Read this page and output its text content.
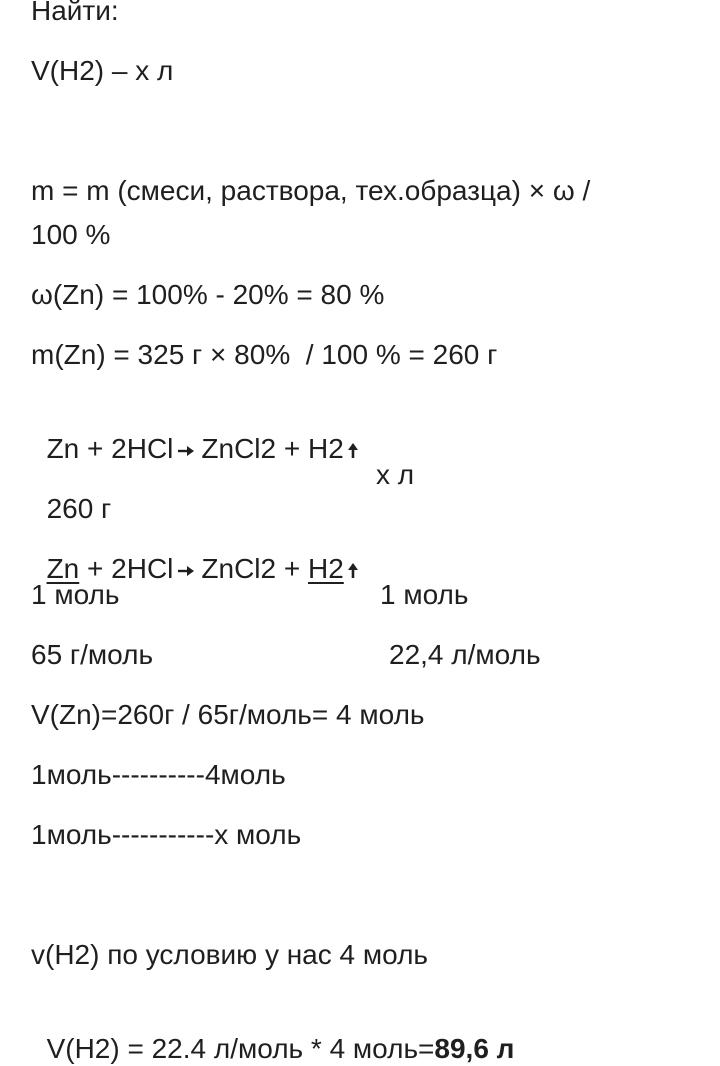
Найти:
V(H2) – x л
m = m (смеси, раствора, тех.образца) × ω /
100 %
ω(Zn) = 100% - 20% = 80 %
m(Zn) = 325 г × 80%  / 100 % = 260 г

Zn + 2HCl ZnCl2 + H2

260 г

x л

Zn + 2HCl ZnCl2 + H2

1 моль	1 моль
65 г/моль	22,4 л/моль
V(Zn)=260г / 65г/моль= 4 моль
1моль----------4моль
1моль-----------х моль
v(H2) по условию у нас 4 моль

V(H2) = 22.4 л/моль * 4 моль=89,6 л
